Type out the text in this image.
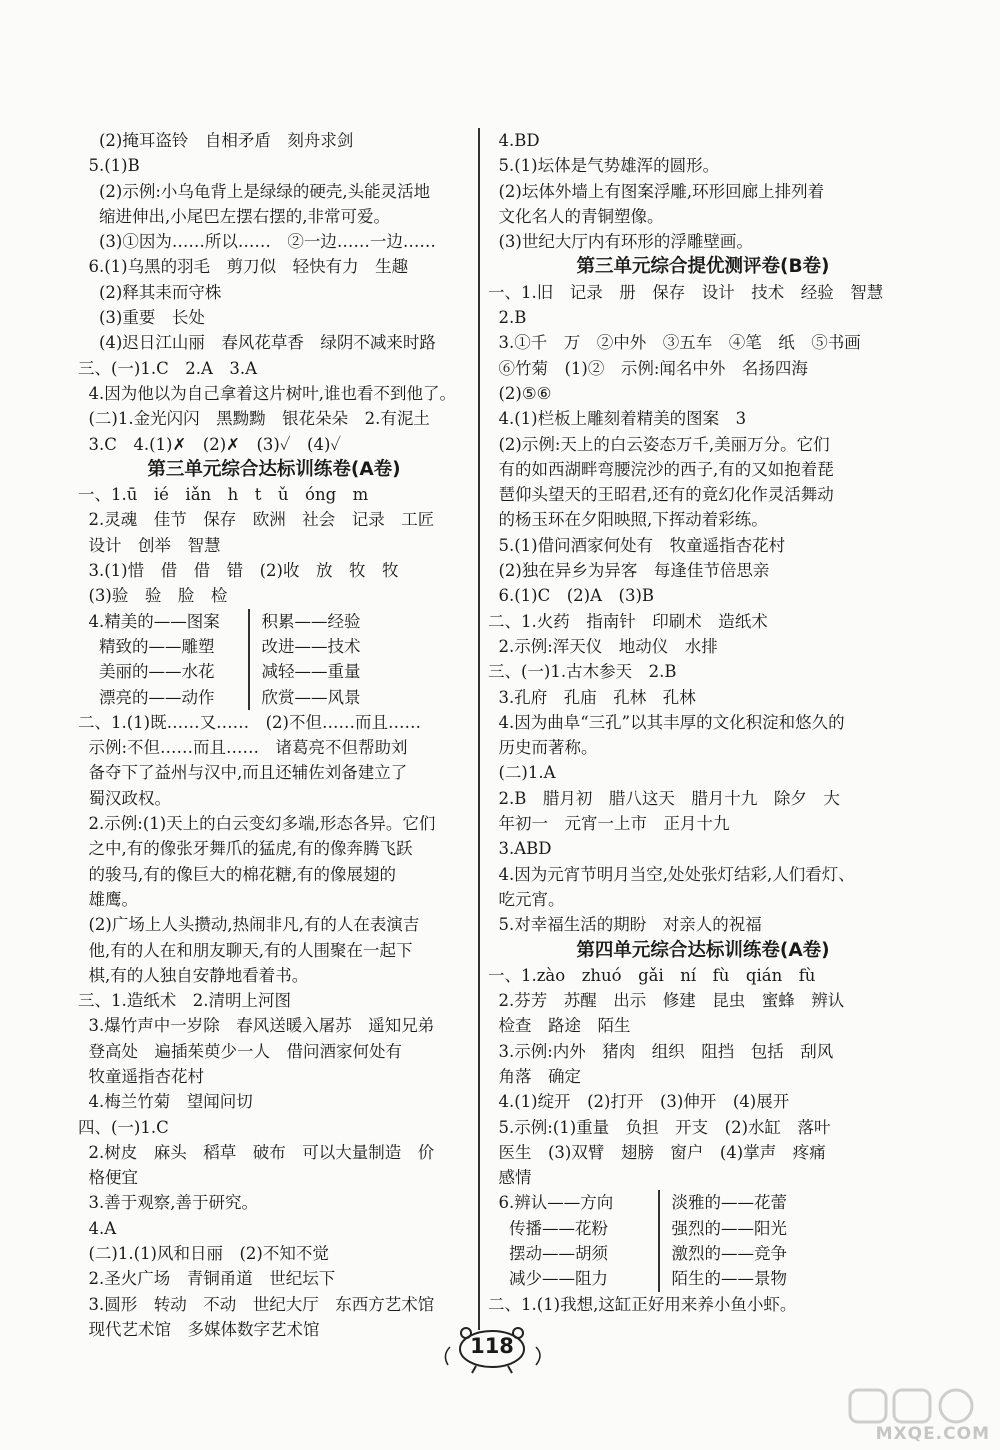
(2)掩耳盗铃　自相矛盾　刻舟求剑
5.(1)B
(2)示例:小乌龟背上是绿绿的硬壳,头能灵活地
缩进伸出,小尾巴左摆右摆的,非常可爱。
(3)①因为……所以……　②一边……一边……
6.(1)乌黑的羽毛　剪刀似　轻快有力　生趣
(2)释其耒而守株
(3)重要　长处
(4)迟日江山丽　春风花草香　绿阴不减来时路
三、(一)1.C　2.A　3.A
4.因为他以为自己拿着这片树叶,谁也看不到他了。
(二)1.金光闪闪　黑黝黝　银花朵朵　2.有泥土
3.C　4.(1)✗　(2)✗　(3)✓　(4)✓
第三单元综合达标训练卷(A卷)
一、1.ū　ié　iǎn　h　t　ǔ　óng　m
2.灵魂　佳节　保存　欧洲　社会　记录　工匠
设计　创举　智慧
3.(1)惜　借　借　错　(2)收　放　牧　牧
(3)验　验　脸　检
4.精美的——图案	积累——经验
精致的——雕塑	改进——技术
美丽的——水花	减轻——重量
漂亮的——动作	欣赏——风景
二、1.(1)既……又……　(2)不但……而且……
示例:不但……而且……　诸葛亮不但帮助刘
备夺下了益州与汉中,而且还辅佐刘备建立了
蜀汉政权。
2.示例:(1)天上的白云变幻多端,形态各异。它们
之中,有的像张牙舞爪的猛虎,有的像奔腾飞跃
的骏马,有的像巨大的棉花糖,有的像展翅的
雄鹰。
(2)广场上人头攒动,热闹非凡,有的人在表演吉
他,有的人在和朋友聊天,有的人围聚在一起下
棋,有的人独自安静地看着书。
三、1.造纸术　2.清明上河图
3.爆竹声中一岁除　春风送暖入屠苏　遥知兄弟
登高处　遍插茱萸少一人　借问酒家何处有
牧童遥指杏花村
4.梅兰竹菊　望闻问切
四、(一)1.C
2.树皮　麻头　稻草　破布　可以大量制造　价
格便宜
3.善于观察,善于研究。
4.A
(二)1.(1)风和日丽　(2)不知不觉
2.圣火广场　青铜甬道　世纪坛下
3.圆形　转动　不动　世纪大厅　东西方艺术馆
现代艺术馆　多媒体数字艺术馆
4.BD
5.(1)坛体是气势雄浑的圆形。
(2)坛体外墙上有图案浮雕,环形回廊上排列着
文化名人的青铜塑像。
(3)世纪大厅内有环形的浮雕壁画。
第三单元综合提优测评卷(B卷)
一、1.旧　记录　册　保存　设计　技术　经验　智慧
2.B
3.①千　万　②中外　③五车　④笔　纸　⑤书画
⑥竹菊　(1)②　示例:闻名中外　名扬四海
(2)⑤⑥
4.(1)栏板上雕刻着精美的图案　3
(2)示例:天上的白云姿态万千,美丽万分。它们
有的如西湖畔弯腰浣沙的西子,有的又如抱着琵
琶仰头望天的王昭君,还有的竟幻化作灵活舞动
的杨玉环在夕阳映照,下挥动着彩练。
5.(1)借问酒家何处有　牧童遥指杏花村
(2)独在异乡为异客　每逢佳节倍思亲
6.(1)C　(2)A　(3)B
二、1.火药　指南针　印刷术　造纸术
2.示例:浑天仪　地动仪　水排
三、(一)1.古木参天　2.B
3.孔府　孔庙　孔林　孔林
4.因为曲阜“三孔”以其丰厚的文化积淀和悠久的
历史而著称。
(二)1.A
2.B　腊月初　腊八这天　腊月十九　除夕　大
年初一　元宵一上市　正月十九
3.ABD
4.因为元宵节明月当空,处处张灯结彩,人们看灯、
吃元宵。
5.对幸福生活的期盼　对亲人的祝福
第四单元综合达标训练卷(A卷)
一、1.zào　zhuó　gǎi　ní　fù　qián　fù
2.芬芳　苏醒　出示　修建　昆虫　蜜蜂　辨认
检查　路途　陌生
3.示例:内外　猪肉　组织　阻挡　包括　刮风
角落　确定
4.(1)绽开　(2)打开　(3)伸开　(4)展开
5.示例:(1)重量　负担　开支　(2)水缸　落叶
医生　(3)双臂　翅膀　窗户　(4)掌声　疼痛
感情
6.辨认——方向	淡雅的——花蕾
传播——花粉	强烈的——阳光
摆动——胡须	激烈的——竞争
减少——阻力	陌生的——景物
二、1.(1)我想,这缸正好用来养小鱼小虾。
118
MXQE.COM
